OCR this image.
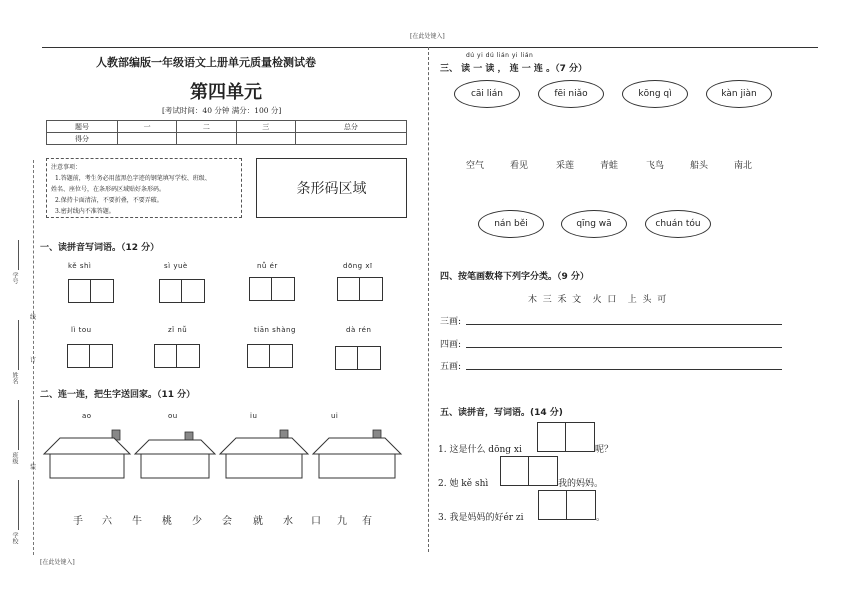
[在此处键入]
[在此处键入]
学号
线
姓名
订
班级
装
学校
人教部编版一年级语文上册单元质量检测试卷
第四单元
[考试时间：40 分钟 满分：100 分]
题号	一	二	三	总分
得分				
注意事项：
1.答题前，考生务必用蓝黑色字迹的钢笔填写学校、班级、
姓名、座位号，在条形码区域贴好条形码。
2.保持卡面清洁，不要折叠，不要弄破。
3.密封线内不准答题。
条形码区域
一、读拼音写词语。（12 分）
kě shì	sì yuè	nǚ ér	dōng xī
lì tou	zǐ nǚ	tiān shàng	dà rén
二、连一连，把生字送回家。（11 分）
ao	ou	iu	ui
手 六 牛 桃 少 会 就 水 口 九 有
dú yi dú lián yi lián
三、 读 一 读 ， 连 一 连 。（7 分）
cāi lián	fēi niǎo	kōng qì	kàn jiàn
空气	看见	采莲	青蛙	飞鸟	船头	南北
nán běi	qīng wā	chuán tóu
四、按笔画数将下列字分类。（9 分）
木  三  禾  文    火  口    上  头  可
三画:
四画:
五画:
五、读拼音，写词语。(14 分)
1. 这是什么 dōng xi	呢？
2. 她 kě shì	我的妈妈。
3. 我是妈妈的好ér zi	。
